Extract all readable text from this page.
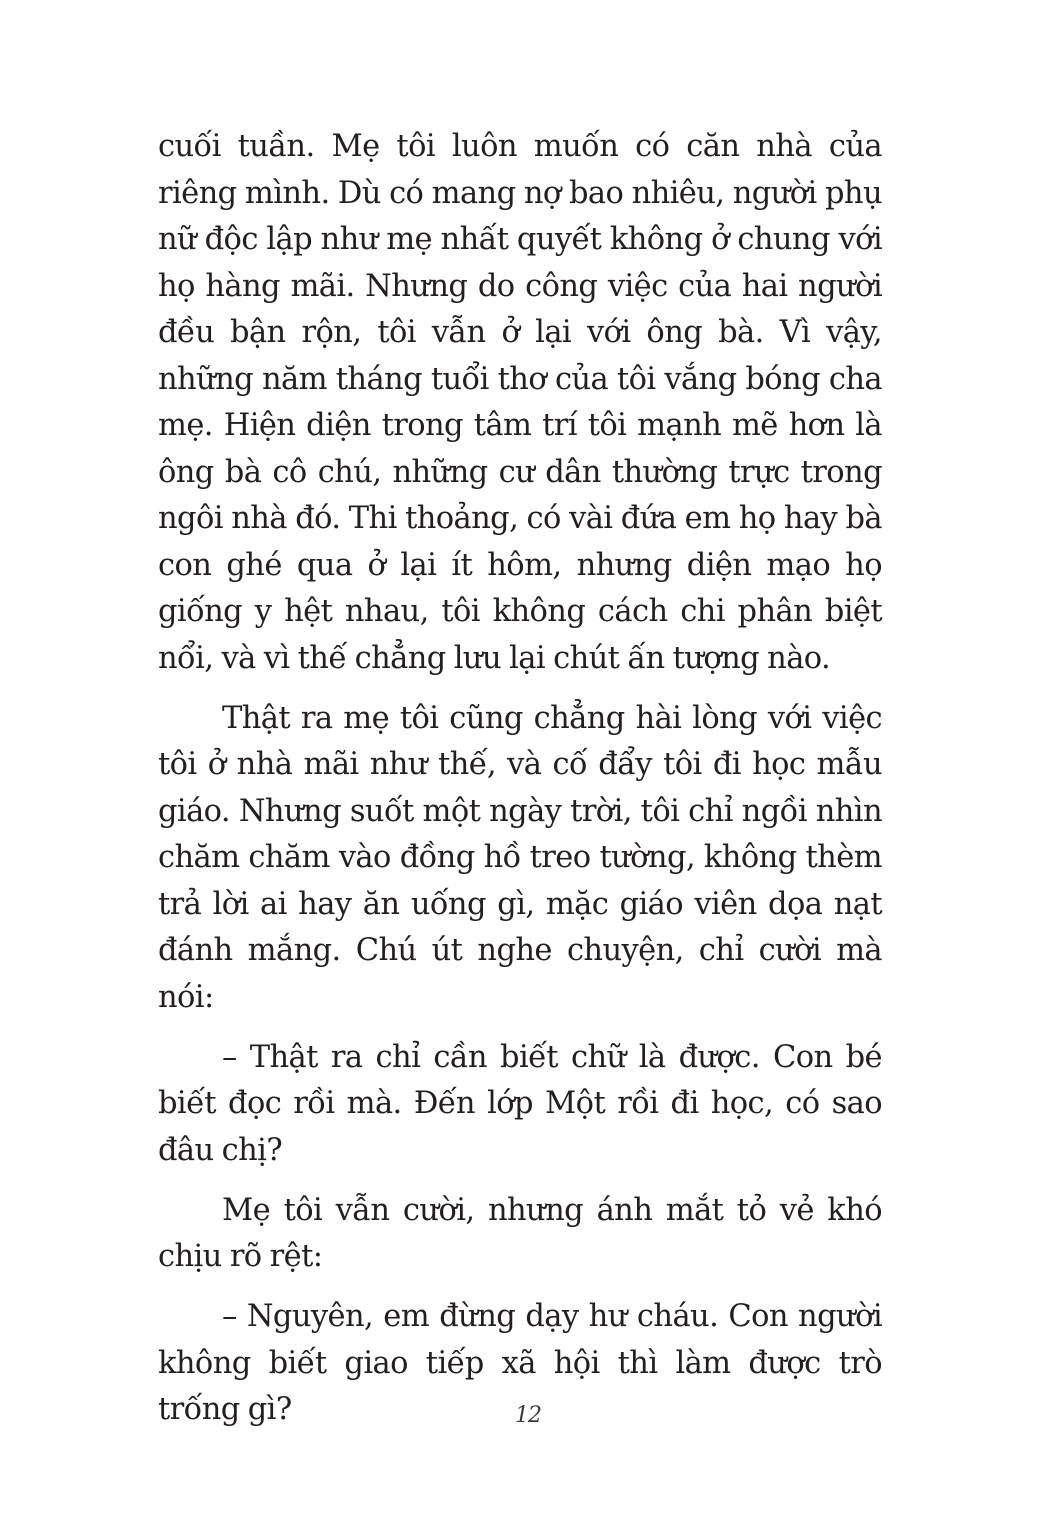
cuối tuần. Mẹ tôi luôn muốn có căn nhà của riêng mình. Dù có mang nợ bao nhiêu, người phụ nữ độc lập như mẹ nhất quyết không ở chung với họ hàng mãi. Nhưng do công việc của hai người đều bận rộn, tôi vẫn ở lại với ông bà. Vì vậy, những năm tháng tuổi thơ của tôi vắng bóng cha mẹ. Hiện diện trong tâm trí tôi mạnh mẽ hơn là ông bà cô chú, những cư dân thường trực trong ngôi nhà đó. Thi thoảng, có vài đứa em họ hay bà con ghé qua ở lại ít hôm, nhưng diện mạo họ giống y hệt nhau, tôi không cách chi phân biệt nổi, và vì thế chẳng lưu lại chút ấn tượng nào.

Thật ra mẹ tôi cũng chẳng hài lòng với việc tôi ở nhà mãi như thế, và cố đẩy tôi đi học mẫu giáo. Nhưng suốt một ngày trời, tôi chỉ ngồi nhìn chăm chăm vào đồng hồ treo tường, không thèm trả lời ai hay ăn uống gì, mặc giáo viên dọa nạt đánh mắng. Chú út nghe chuyện, chỉ cười mà nói:

– Thật ra chỉ cần biết chữ là được. Con bé biết đọc rồi mà. Đến lớp Một rồi đi học, có sao đâu chị?

Mẹ tôi vẫn cười, nhưng ánh mắt tỏ vẻ khó chịu rõ rệt:

– Nguyên, em đừng dạy hư cháu. Con người không biết giao tiếp xã hội thì làm được trò trống gì?	12
